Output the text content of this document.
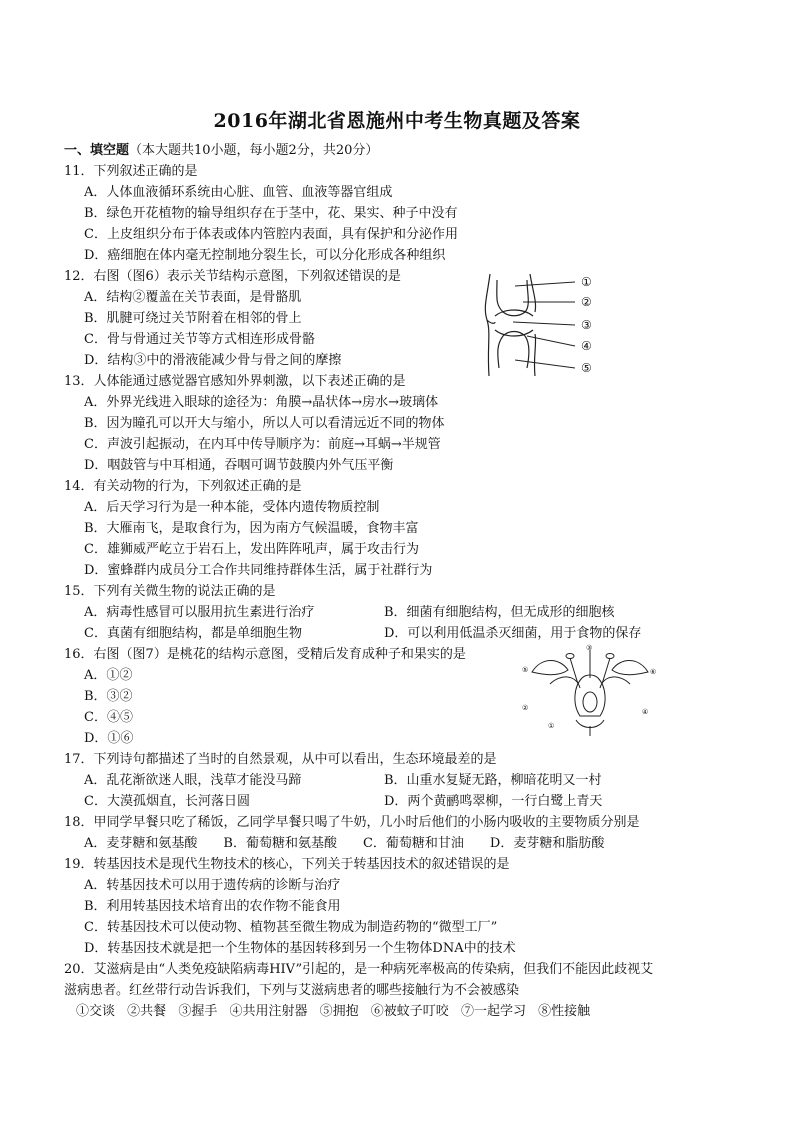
2016年湖北省恩施州中考生物真题及答案
①
②
③
④
⑤
③
⑤	⑥
②	④
①
一、填空题（本大题共10小题，每小题2分，共20分）
11．下列叙述正确的是
A．人体血液循环系统由心脏、血管、血液等器官组成
B．绿色开花植物的输导组织存在于茎中，花、果实、种子中没有
C．上皮组织分布于体表或体内管腔内表面，具有保护和分泌作用
D．癌细胞在体内毫无控制地分裂生长，可以分化形成各种组织
12．右图（图6）表示关节结构示意图，下列叙述错误的是
A．结构②覆盖在关节表面，是骨骼肌
B．肌腱可绕过关节附着在相邻的骨上
C．骨与骨通过关节等方式相连形成骨骼
D．结构③中的滑液能减少骨与骨之间的摩擦
13．人体能通过感觉器官感知外界刺激，以下表述正确的是
A．外界光线进入眼球的途径为：角膜→晶状体→房水→玻璃体
B．因为瞳孔可以开大与缩小，所以人可以看清远近不同的物体
C．声波引起振动，在内耳中传导顺序为：前庭→耳蜗→半规管
D．咽鼓管与中耳相通，吞咽可调节鼓膜内外气压平衡
14．有关动物的行为，下列叙述正确的是
A．后天学习行为是一种本能，受体内遗传物质控制
B．大雁南飞，是取食行为，因为南方气候温暖，食物丰富
C．雄狮威严屹立于岩石上，发出阵阵吼声，属于攻击行为
D．蜜蜂群内成员分工合作共同维持群体生活，属于社群行为
15．下列有关微生物的说法正确的是
A．病毒性感冒可以服用抗生素进行治疗	B．细菌有细胞结构，但无成形的细胞核
C．真菌有细胞结构，都是单细胞生物	D．可以利用低温杀灭细菌，用于食物的保存
16．右图（图7）是桃花的结构示意图，受精后发育成种子和果实的是
A．①②
B．③②
C．④⑤
D．①⑥
17．下列诗句都描述了当时的自然景观，从中可以看出，生态环境最差的是
A．乱花渐欲迷人眼，浅草才能没马蹄	B．山重水复疑无路，柳暗花明又一村
C．大漠孤烟直，长河落日圆	D．两个黄鹂鸣翠柳，一行白鹭上青天
18．甲同学早餐只吃了稀饭，乙同学早餐只喝了牛奶，几小时后他们的小肠内吸收的主要物质分别是
A．麦芽糖和氨基酸 B．葡萄糖和氨基酸 C．葡萄糖和甘油 D．麦芽糖和脂肪酸
19．转基因技术是现代生物技术的核心，下列关于转基因技术的叙述错误的是
A．转基因技术可以用于遗传病的诊断与治疗
B．利用转基因技术培育出的农作物不能食用
C．转基因技术可以使动物、植物甚至微生物成为制造药物的“微型工厂”
D．转基因技术就是把一个生物体的基因转移到另一个生物体DNA中的技术
20．艾滋病是由“人类免疫缺陷病毒HIV”引起的，是一种病死率极高的传染病，但我们不能因此歧视艾
滋病患者。红丝带行动告诉我们，下列与艾滋病患者的哪些接触行为不会被感染
①交谈 ②共餐 ③握手 ④共用注射器 ⑤拥抱 ⑥被蚊子叮咬 ⑦一起学习 ⑧性接触
